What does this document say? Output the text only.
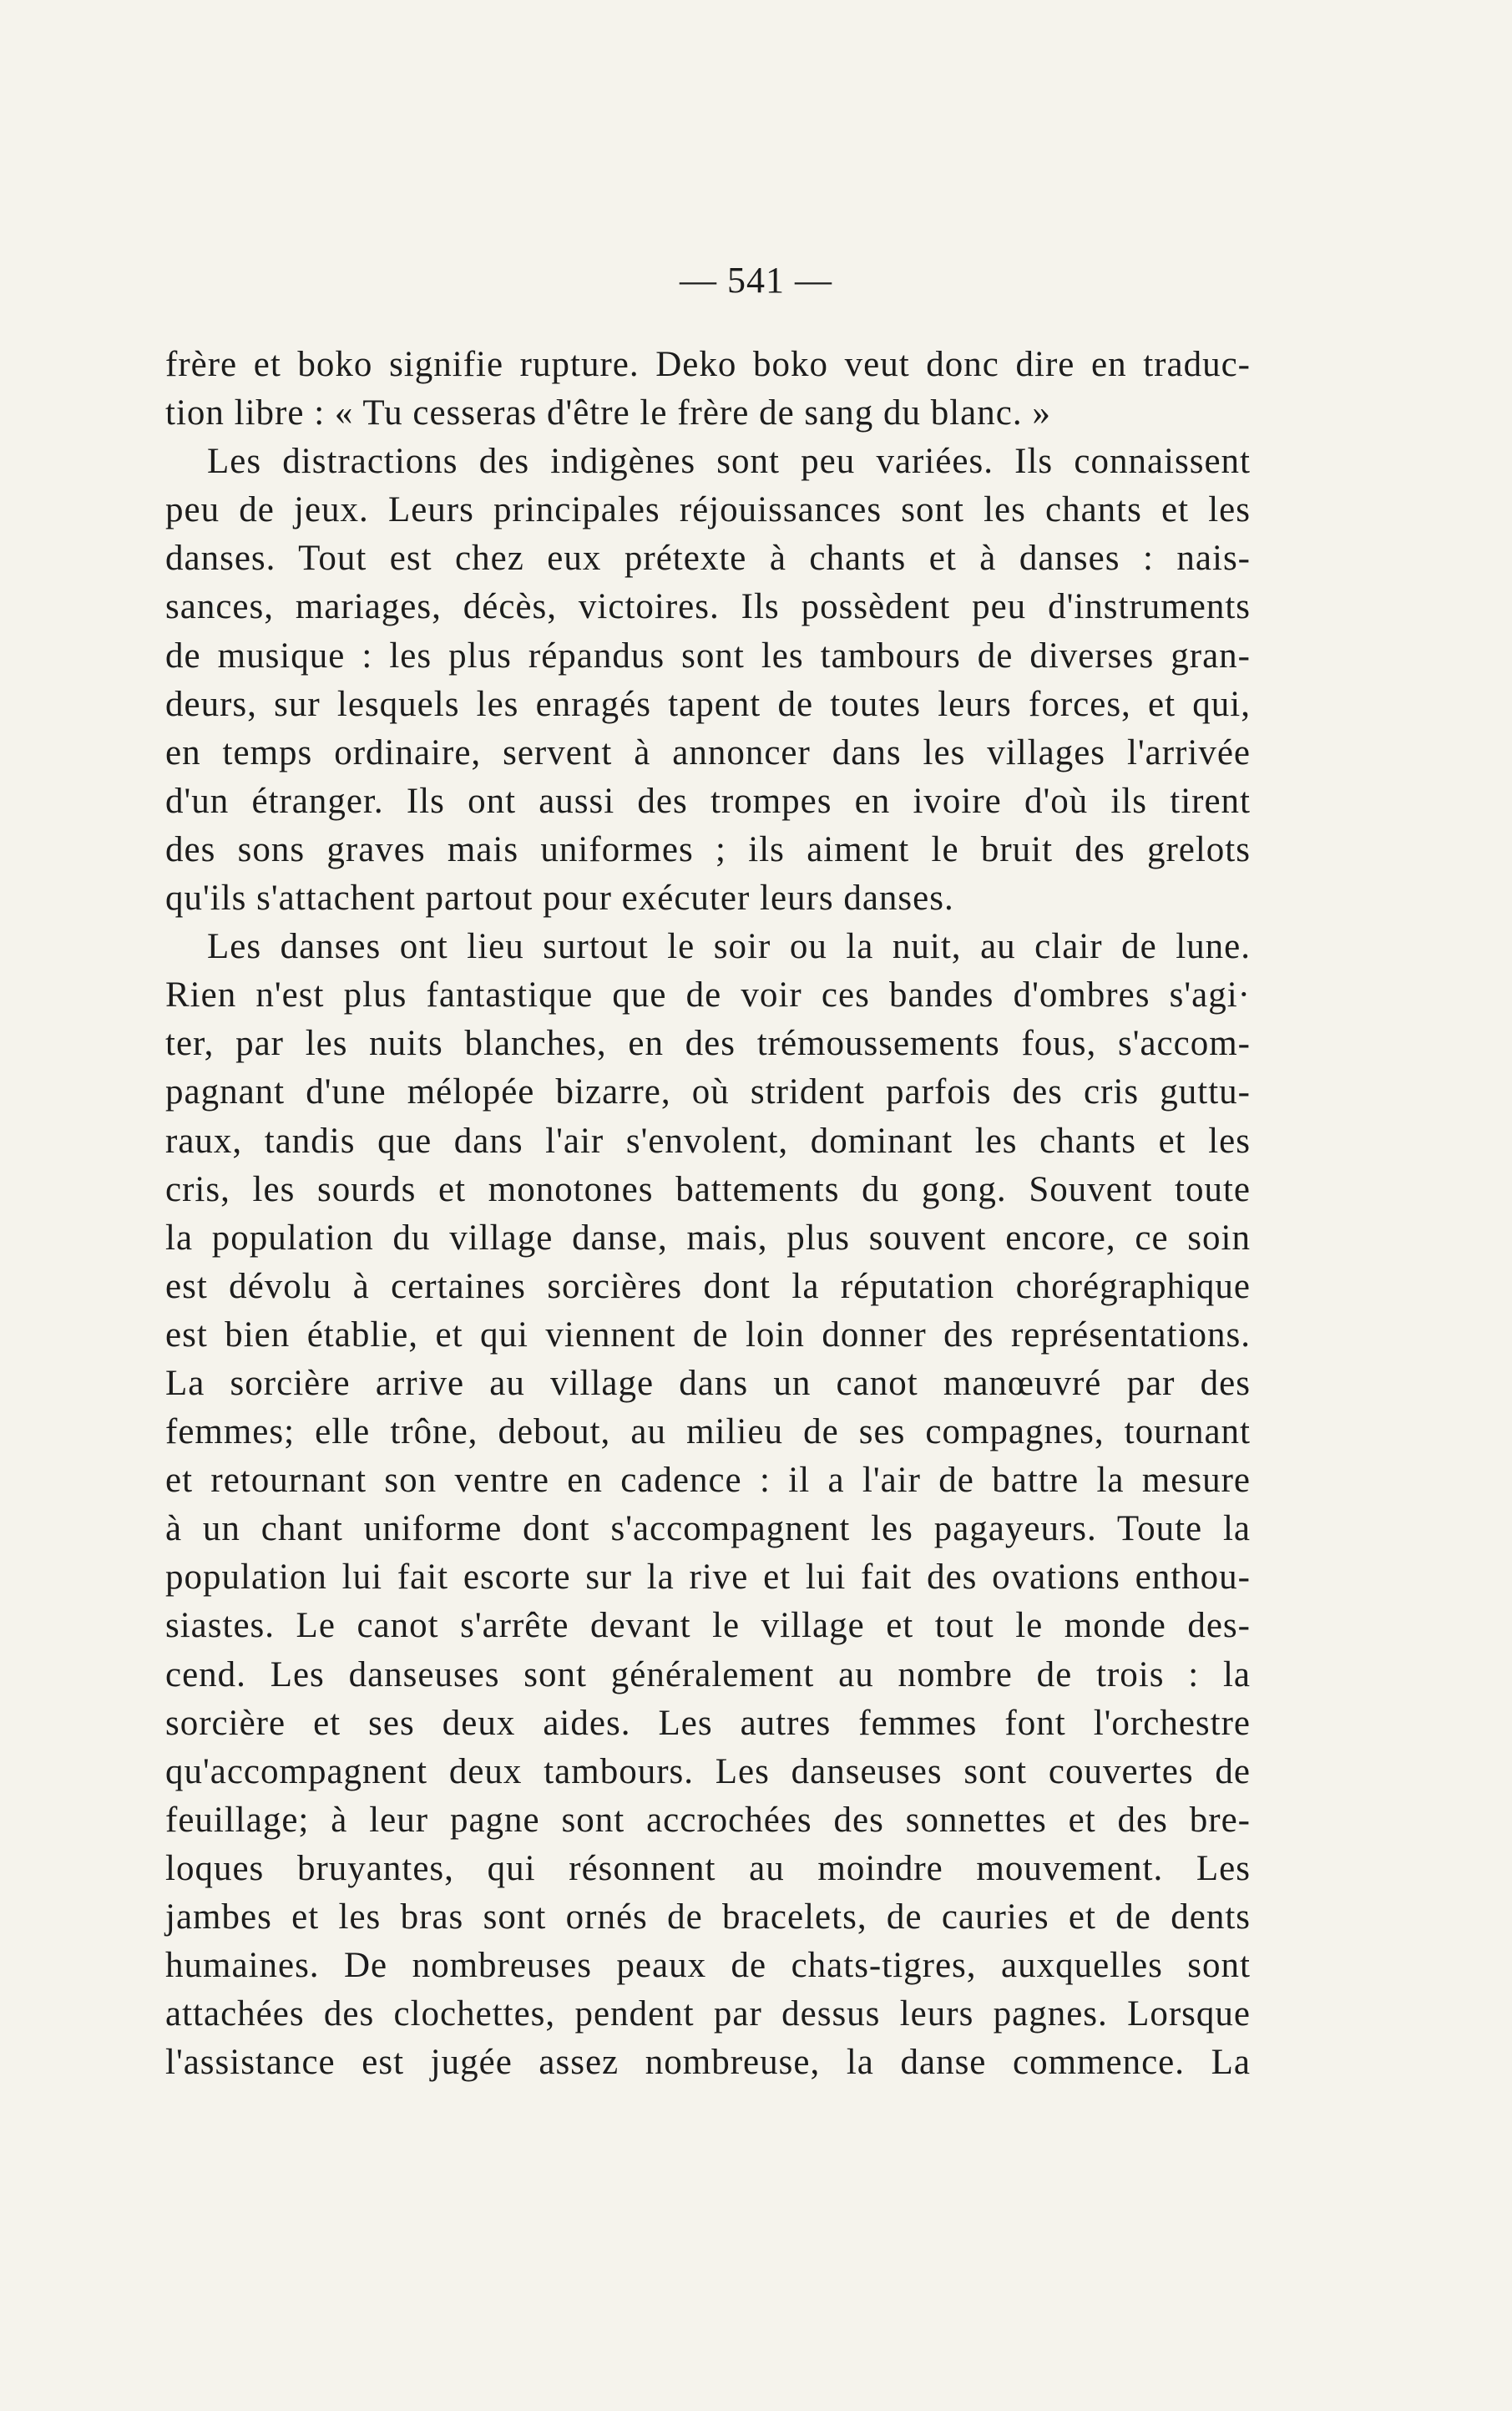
— 541 —
frère et boko signifie rupture. Deko boko veut donc dire en traduc-
tion libre : « Tu cesseras d'être le frère de sang du blanc. »
Les distractions des indigènes sont peu variées. Ils connaissent
peu de jeux. Leurs principales réjouissances sont les chants et les
danses. Tout est chez eux prétexte à chants et à danses : nais-
sances, mariages, décès, victoires. Ils possèdent peu d'instruments
de musique : les plus répandus sont les tambours de diverses gran-
deurs, sur lesquels les enragés tapent de toutes leurs forces, et qui,
en temps ordinaire, servent à annoncer dans les villages l'arrivée
d'un étranger. Ils ont aussi des trompes en ivoire d'où ils tirent
des sons graves mais uniformes ; ils aiment le bruit des grelots
qu'ils s'attachent partout pour exécuter leurs danses.
Les danses ont lieu surtout le soir ou la nuit, au clair de lune.
Rien n'est plus fantastique que de voir ces bandes d'ombres s'agi·
ter, par les nuits blanches, en des trémoussements fous, s'accom-
pagnant d'une mélopée bizarre, où strident parfois des cris guttu-
raux, tandis que dans l'air s'envolent, dominant les chants et les
cris, les sourds et monotones battements du gong. Souvent toute
la population du village danse, mais, plus souvent encore, ce soin
est dévolu à certaines sorcières dont la réputation chorégraphique
est bien établie, et qui viennent de loin donner des représentations.
La sorcière arrive au village dans un canot manœuvré par des
femmes; elle trône, debout, au milieu de ses compagnes, tournant
et retournant son ventre en cadence : il a l'air de battre la mesure
à un chant uniforme dont s'accompagnent les pagayeurs. Toute la
population lui fait escorte sur la rive et lui fait des ovations enthou-
siastes. Le canot s'arrête devant le village et tout le monde des-
cend. Les danseuses sont généralement au nombre de trois : la
sorcière et ses deux aides. Les autres femmes font l'orchestre
qu'accompagnent deux tambours. Les danseuses sont couvertes de
feuillage; à leur pagne sont accrochées des sonnettes et des bre-
loques bruyantes, qui résonnent au moindre mouvement. Les
jambes et les bras sont ornés de bracelets, de cauries et de dents
humaines. De nombreuses peaux de chats-tigres, auxquelles sont
attachées des clochettes, pendent par dessus leurs pagnes. Lorsque
l'assistance est jugée assez nombreuse, la danse commence. La
